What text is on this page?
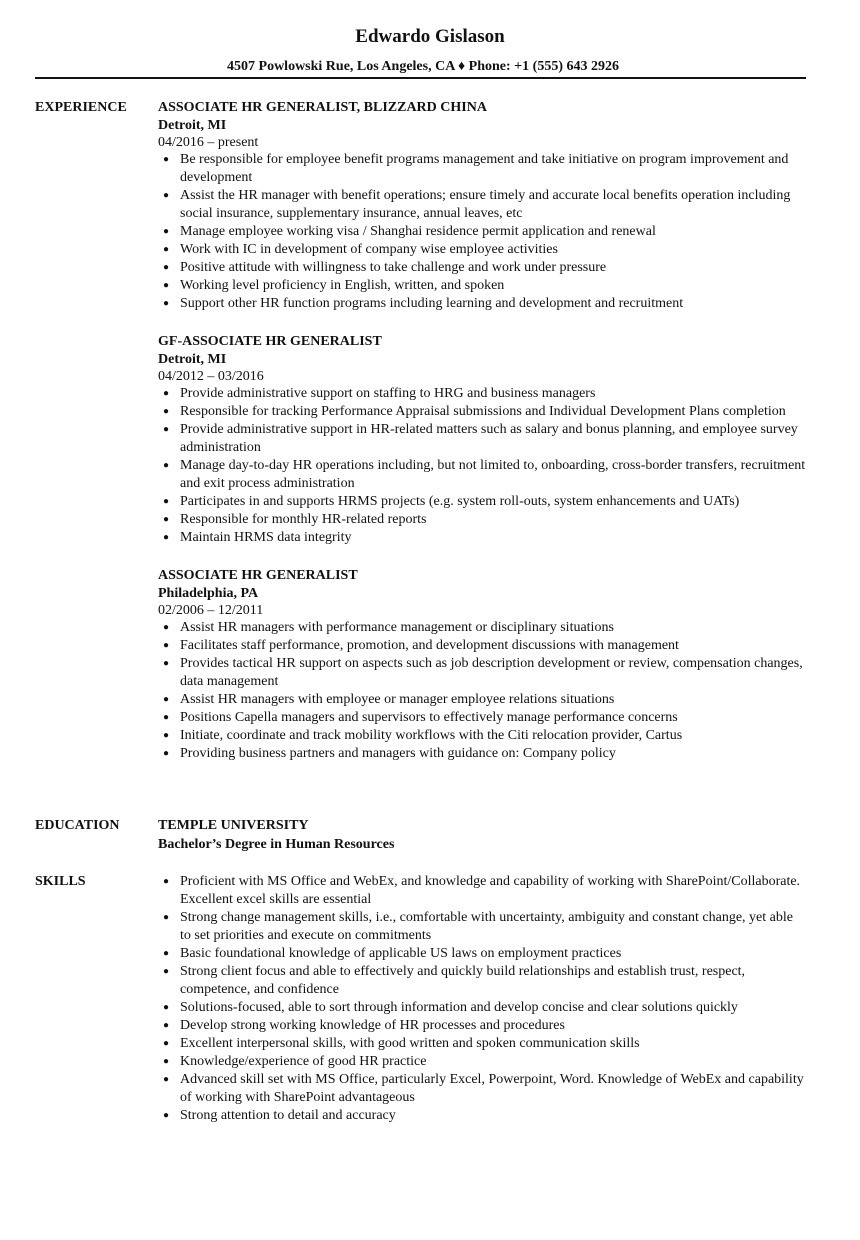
Edwardo Gislason
4507 Powlowski Rue, Los Angeles, CA ♦ Phone: +1 (555) 643 2926
EXPERIENCE ASSOCIATE HR GENERALIST, BLIZZARD CHINA
Detroit, MI
04/2016 – present
● Be responsible for employee benefit programs management and take initiative on program improvement and development
● Assist the HR manager with benefit operations; ensure timely and accurate local benefits operation including social insurance, supplementary insurance, annual leaves, etc
● Manage employee working visa / Shanghai residence permit application and renewal
● Work with IC in development of company wise employee activities
● Positive attitude with willingness to take challenge and work under pressure
● Working level proficiency in English, written, and spoken
● Support other HR function programs including learning and development and recruitment
GF-ASSOCIATE HR GENERALIST
Detroit, MI
04/2012 – 03/2016
● Provide administrative support on staffing to HRG and business managers
● Responsible for tracking Performance Appraisal submissions and Individual Development Plans completion
● Provide administrative support in HR-related matters such as salary and bonus planning, and employee survey administration
● Manage day-to-day HR operations including, but not limited to, onboarding, cross-border transfers, recruitment and exit process administration
● Participates in and supports HRMS projects (e.g. system roll-outs, system enhancements and UATs)
● Responsible for monthly HR-related reports
● Maintain HRMS data integrity
ASSOCIATE HR GENERALIST
Philadelphia, PA
02/2006 – 12/2011
● Assist HR managers with performance management or disciplinary situations
● Facilitates staff performance, promotion, and development discussions with management
● Provides tactical HR support on aspects such as job description development or review, compensation changes, data management
● Assist HR managers with employee or manager employee relations situations
● Positions Capella managers and supervisors to effectively manage performance concerns
● Initiate, coordinate and track mobility workflows with the Citi relocation provider, Cartus
● Providing business partners and managers with guidance on: Company policy
EDUCATION	TEMPLE UNIVERSITY
Bachelor’s Degree in Human Resources
SKILLS	● Proficient with MS Office and WebEx, and knowledge and capability of working with SharePoint/Collaborate. Excellent excel skills are essential
● Strong change management skills, i.e., comfortable with uncertainty, ambiguity and constant change, yet able to set priorities and execute on commitments
● Basic foundational knowledge of applicable US laws on employment practices
● Strong client focus and able to effectively and quickly build relationships and establish trust, respect, competence, and confidence
● Solutions-focused, able to sort through information and develop concise and clear solutions quickly
● Develop strong working knowledge of HR processes and procedures
● Excellent interpersonal skills, with good written and spoken communication skills
● Knowledge/experience of good HR practice
● Advanced skill set with MS Office, particularly Excel, Powerpoint, Word. Knowledge of WebEx and capability of working with SharePoint advantageous
● Strong attention to detail and accuracy
